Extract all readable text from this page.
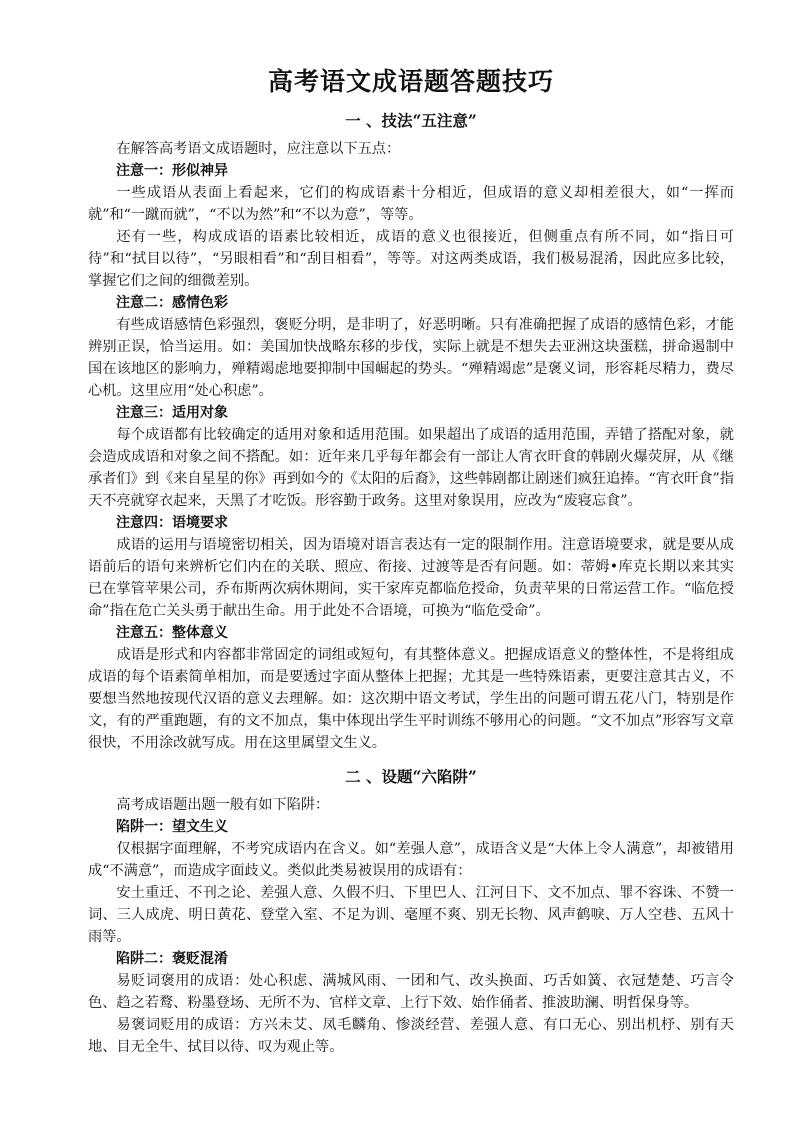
高考语文成语题答题技巧
一 、技法“五注意”

在解答高考语文成语题时，应注意以下五点：

注意一：形似神异

一些成语从表面上看起来，它们的构成语素十分相近，但成语的意义却相差很大，如“一挥而就”和“一蹴而就”，“不以为然”和“不以为意”，等等。

还有一些，构成成语的语素比较相近，成语的意义也很接近，但侧重点有所不同，如“指日可待”和“拭目以待”，“另眼相看”和“刮目相看”，等等。对这两类成语，我们极易混淆，因此应多比较，掌握它们之间的细微差别。

注意二：感情色彩

有些成语感情色彩强烈，褒贬分明，是非明了，好恶明晰。只有准确把握了成语的感情色彩，才能辨别正误，恰当运用。如：美国加快战略东移的步伐，实际上就是不想失去亚洲这块蛋糕，拼命遏制中国在该地区的影响力，殚精竭虑地要抑制中国崛起的势头。“殚精竭虑”是褒义词，形容耗尽精力，费尽心机。这里应用“处心积虑”。

注意三：适用对象

每个成语都有比较确定的适用对象和适用范围。如果超出了成语的适用范围，弄错了搭配对象，就会造成成语和对象之间不搭配。如：近年来几乎每年都会有一部让人宵衣旰食的韩剧火爆荧屏，从《继承者们》到《来自星星的你》再到如今的《太阳的后裔》，这些韩剧都让剧迷们疯狂追捧。“宵衣旰食”指天不亮就穿衣起来，天黑了才吃饭。形容勤于政务。这里对象误用，应改为“废寝忘食”。

注意四：语境要求

成语的运用与语境密切相关，因为语境对语言表达有一定的限制作用。注意语境要求，就是要从成语前后的语句来辨析它们内在的关联、照应、衔接、过渡等是否有问题。如：蒂姆•库克长期以来其实已在掌管苹果公司，乔布斯两次病休期间，实干家库克都临危授命，负责苹果的日常运营工作。“临危授命”指在危亡关头勇于献出生命。用于此处不合语境，可换为“临危受命”。

注意五：整体意义

成语是形式和内容都非常固定的词组或短句，有其整体意义。把握成语意义的整体性，不是将组成成语的每个语素简单相加，而是要透过字面从整体上把握；尤其是一些特殊语素，更要注意其古义，不要想当然地按现代汉语的意义去理解。如：这次期中语文考试，学生出的问题可谓五花八门，特别是作文，有的严重跑题，有的文不加点，集中体现出学生平时训练不够用心的问题。“文不加点”形容写文章很快，不用涂改就写成。用在这里属望文生义。

二 、设题“六陷阱”

高考成语题出题一般有如下陷阱：

陷阱一：望文生义

仅根据字面理解，不考究成语内在含义。如“差强人意”，成语含义是“大体上令人满意”，却被错用成“不满意”，而造成字面歧义。类似此类易被误用的成语有：

安土重迁、不刊之论、差强人意、久假不归、下里巴人、江河日下、文不加点、罪不容诛、不赞一词、三人成虎、明日黄花、登堂入室、不足为训、毫厘不爽、别无长物、风声鹤唳、万人空巷、五风十雨等。

陷阱二：褒贬混淆

易贬词褒用的成语：处心积虑、满城风雨、一团和气、改头换面、巧舌如簧、衣冠楚楚、巧言令色、趋之若鹜、粉墨登场、无所不为、官样文章、上行下效、始作俑者、推波助澜、明哲保身等。

易褒词贬用的成语：方兴未艾、凤毛麟角、惨淡经营、差强人意、有口无心、别出机杼、别有天地、目无全牛、拭目以待、叹为观止等。
